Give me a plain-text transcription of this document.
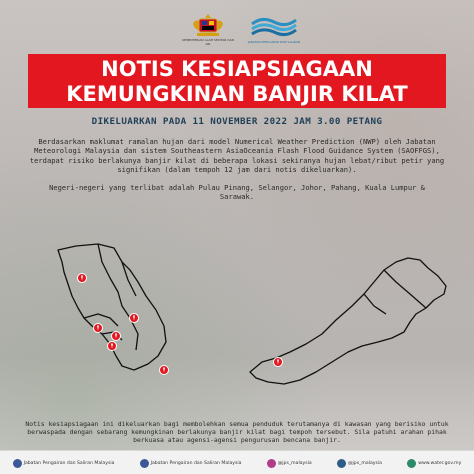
KEMENTERIAN ALAM SEKITAR DAN AIR	JABATAN PENGAIRAN DAN SALIRAN
NOTIS KESIAPSIAGAAN
KEMUNGKINAN BANJIR KILAT
DIKELUARKAN PADA 11 NOVEMBER 2022 JAM 3.00 PETANG
Berdasarkan maklumat ramalan hujan dari model Numerical Weather Prediction (NWP) oleh Jabatan Meteorologi Malaysia dan sistem Southeastern AsiaOceania Flash Flood Guidance System (SAOFFGS), terdapat risiko berlakunya banjir kilat di beberapa lokasi sekiranya hujan lebat/ribut petir yang signifikan (dalam tempoh 12 jam dari notis dikeluarkan).
Negeri-negeri yang terlibat adalah Pulau Pinang, Selangor, Johor, Pahang, Kuala Lumpur & Sarawak.
Notis kesiapsiagaan ini dikeluarkan bagi membolehkan semua penduduk terutamanya di kawasan yang berisiko untuk berwaspada dengan sebarang kemungkinan berlakunya banjir kilat bagi tempoh tersebut. Sila patuhi arahan pihak berkuasa atau agensi-agensi pengurusan bencana banjir.
Jabatan Pengairan dan Saliran Malaysia	Jabatan Pengairan dan Saliran Malaysia	@jps_malaysia	@jps_malaysia	www.water.gov.my
